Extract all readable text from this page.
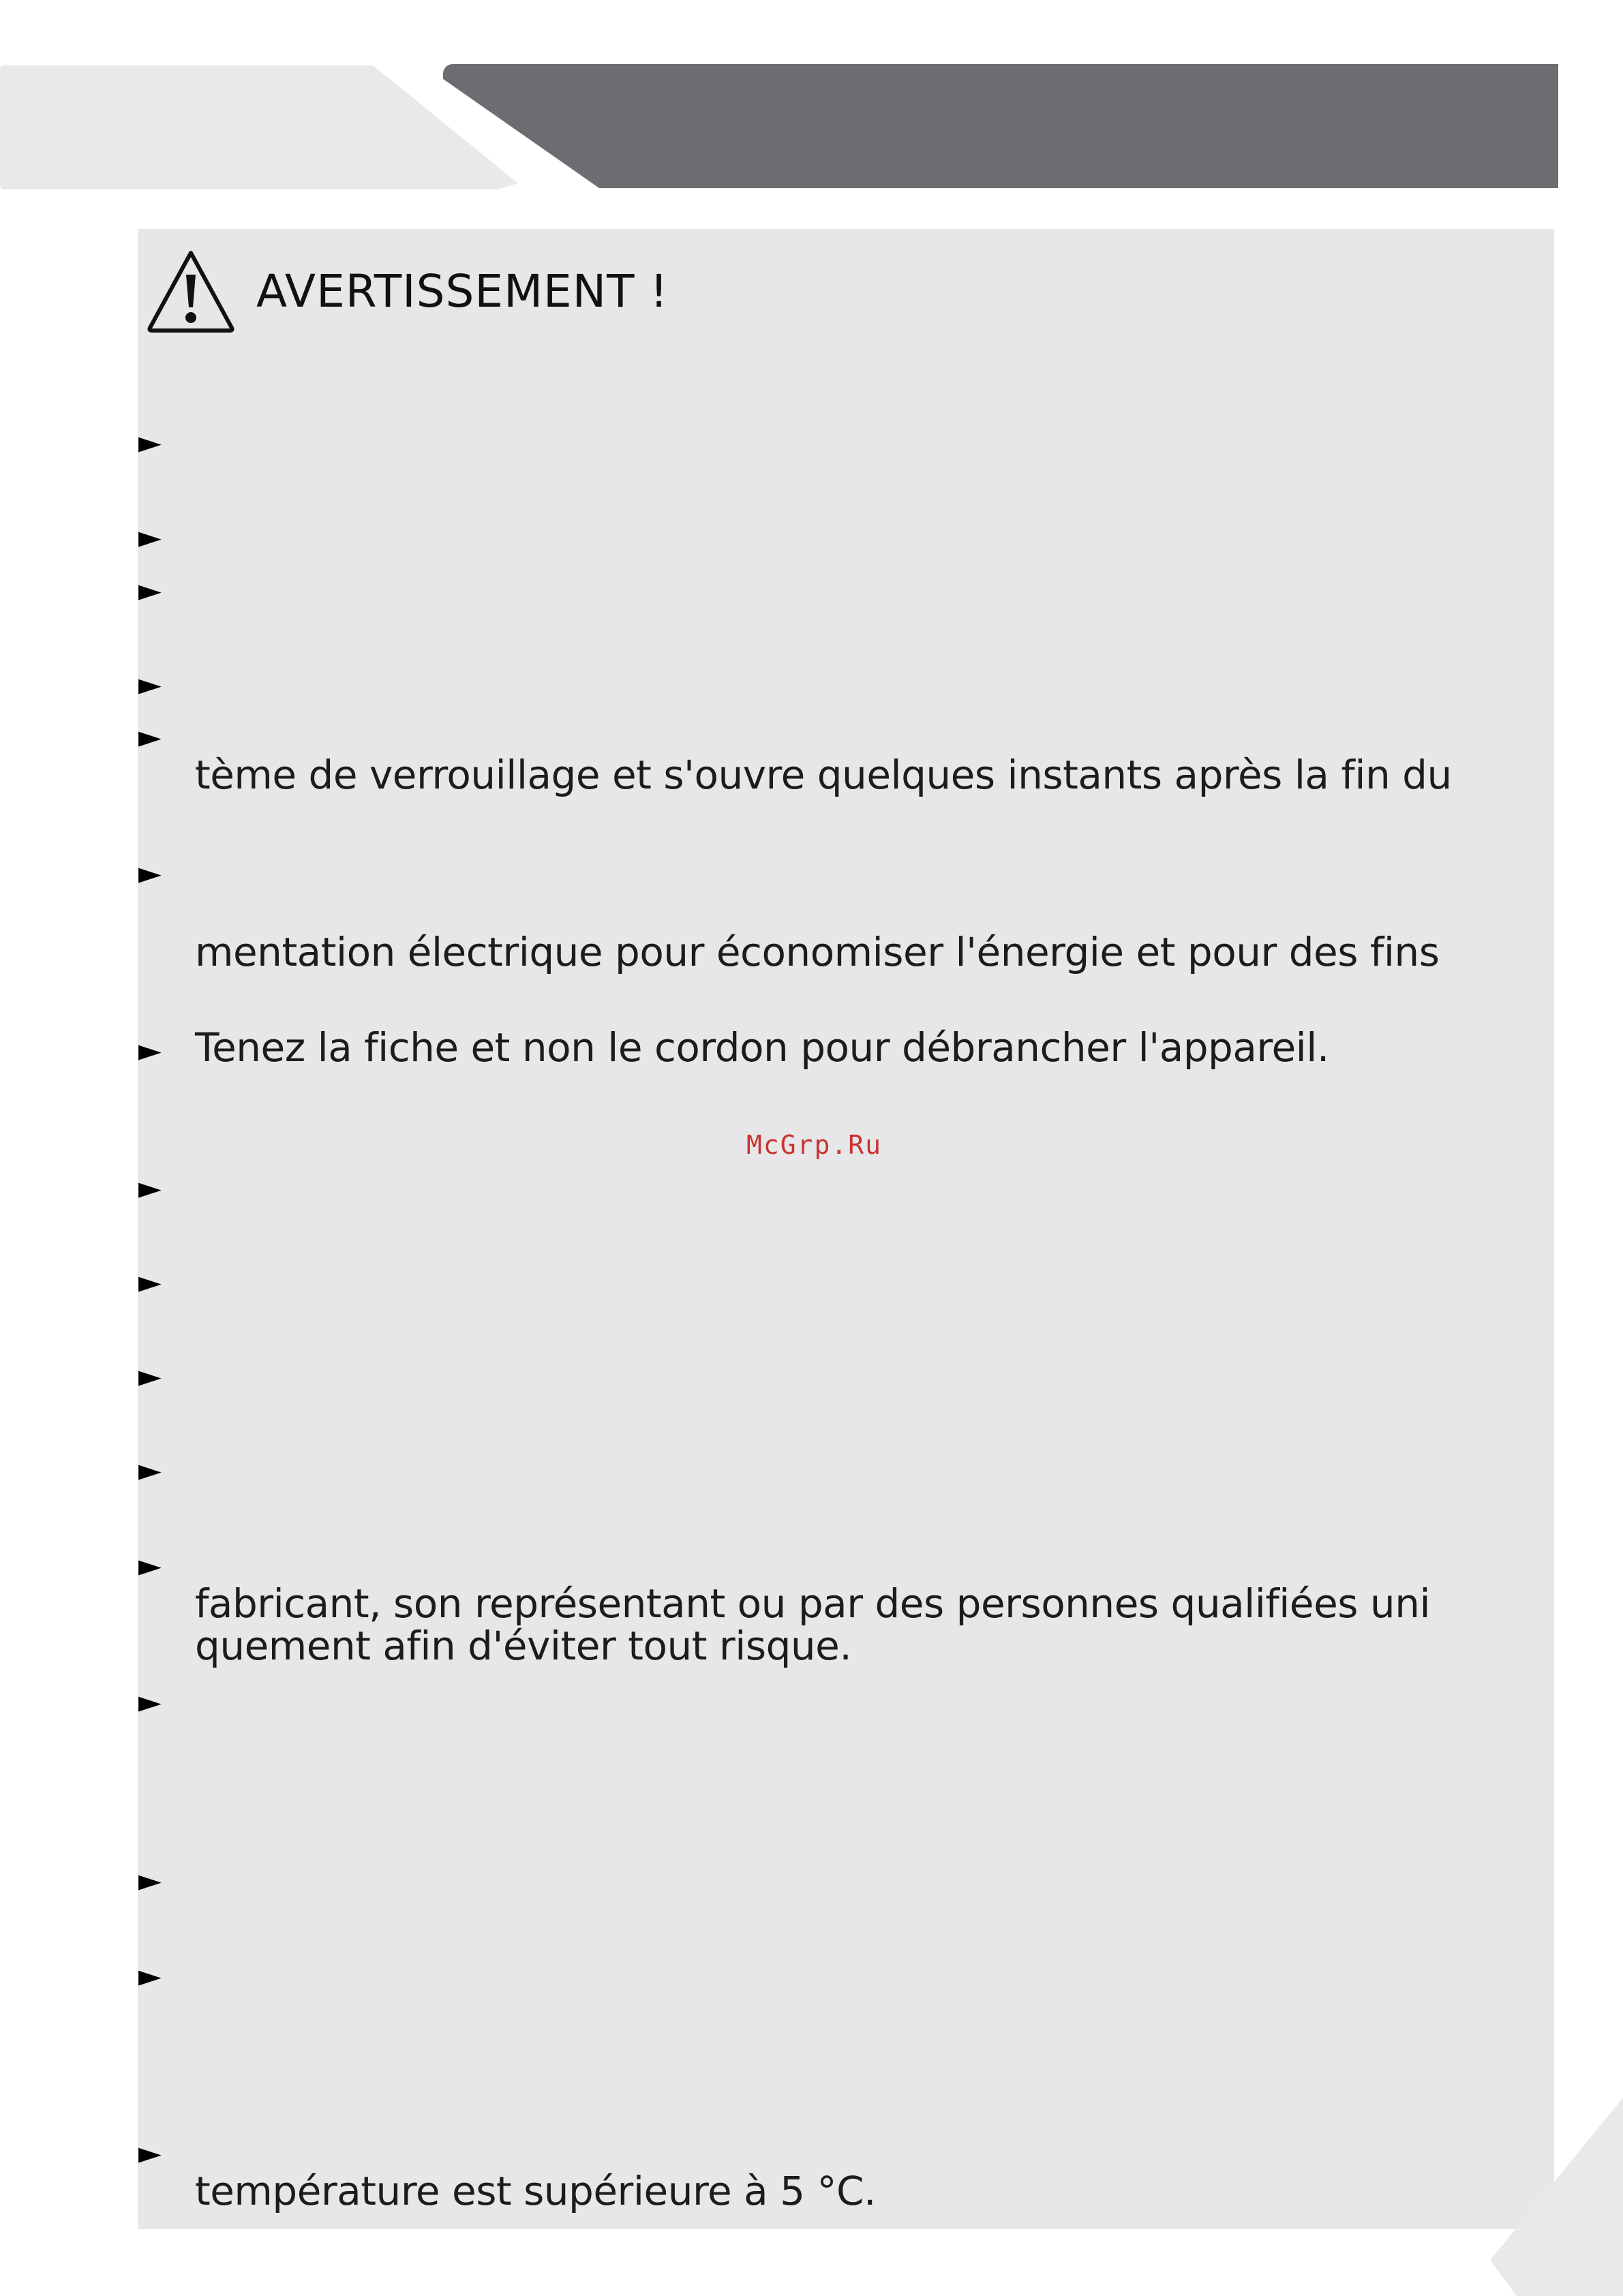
AVERTISSEMENT !
►
►
►
►
►
►
►
►
►
►
►
►
►
►
►
►
tème de verrouillage et s'ouvre quelques instants après la fin du
mentation électrique pour économiser l'énergie et pour des fins
Tenez la fiche et non le cordon pour débrancher l'appareil.
fabricant, son représentant ou par des personnes qualifiées uni
quement afin d'éviter tout risque.
température est supérieure à 5 °C.
McGrp.Ru
